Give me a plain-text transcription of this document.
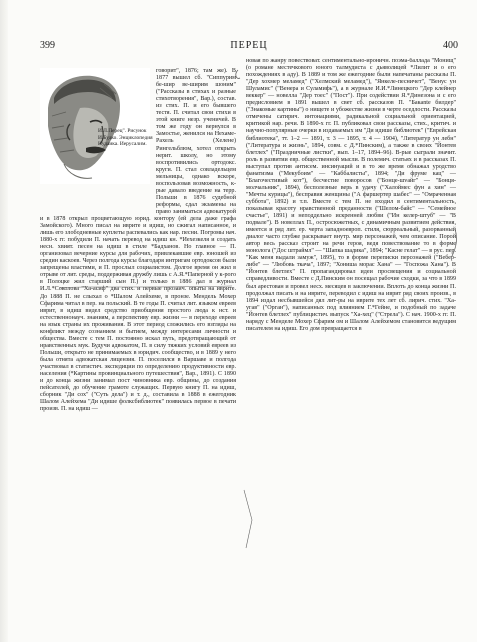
399	ПЕРЕЦ	400
И.Л.Перец". Рисунок И.Будко. Энциклопедия Иудаика. Иерусалим.

говорит", 1876; там же). В 1877 вышел сб. "Сиппурим бе-шир ве-ширим шоним" ("Рассказы в стихах и разные стихотворения", Вар.), состав. из стих. П. и его бывшего тестя. П. считал свои стихи в этой книге незр. ученичей. В том же году он вернулся в Замостье, женился на Нехаме-Рахель (Хелене) Рингельблюм, хотел открыть нерит. школу, но этому воспротивились ортодокс. круги. П. стал совладельцем мельницы, однако вскоре, воспользовав возможность, к-рые давало введение на терр. Польши в 1876 судебной реформы, сдал экзамены на право заниматься адвокатурой и в 1878 открыл процветающую юрид. контору (ей дела даже графа Замойского). Много писал на иврите и идиш, но сжигал написанное, и лишь его злободневные куплеты распевались как нар. песни. Погромы нач. 1880-х гг. побудили П. начать перевод на идиш кн. *Иехезкеля и создать несн. хвият. песен на идиш в стиле *Бадханов. Но главное — П. организовал вечерние курсы для рабочих, привлекавшие евр. юношей из средин каскоев. Через полгода курсы благодаря интригам ортодоксов были запрещены властями, и П. прослыл социалистом. Долгое время он жил в отрыве от лит. среды, поддерживая дружбу лишь с А.Я.*Паперной у к-рого в Полоцке жил старший сын П.) и только в 1886 дал в журнал И.Л.*Соколова "Ха-асиф" два стих. и первые прозаич. опыты на иврите. До 1888 П. не слыхал о *Шалом Алейхеме, в пронзе. Мендель Мохер Сфарима читал в пер. на польский. В те годы П. считал лит. языком евреев иврит, в идиш видел средство приобщения простого люда к нст. и естественнонауч. знаниям, а перспективу евр. жизни — в переходе евреев на язык страны их проживания. В этот период сложились его взгляды на конфликт между сознанием и бытием, между интересами личности и общества. Вместе с тем П. постоянно искал путь, предотвращающий от нравственных мук. Будучи адвокатом, П. в силу тяжких условий евреев из Польши, открыто не принимаемых в юридич. сообщество, и в 1889 у него была отнята адвокатская лицензия. П. поселился в Варшаве и полгода участвовал в статистич. экспедиции по определению продуктивности евр. населения (*Картины провинциального путешествия", Вар., 1891). С 1890 и до конца жизни занимал пост чиновника евр. общины, до создания пейсателей, до обучение грамоте служащих. Первую книгу П. на идиш, сборник "Ди сох" ("Суть дела") и т. д., составила в 1888 в ежегодник Шалом Алейхема "Ди идише фолксбиблиотек" появилась первое в печати произв. П. на идиш —

новая по жанру повествоват. сентиментально-ироничн. поэма-баллада "Монищ" (о романе местечкового юного талмудиста с дьяволицей *Лилит и о его похождениях в аду). В 1889 и том же ежегодние были напечатаны рассказы П. "Дер хохмер меламед" ("Хелмский меламед"), "Янкеле-песничет", "Венус ун Шуламис" ("Венера и Суламифь"), а в журнале И.И.*Линецкого "Дер клейнер веккер" — новелла "Дер тоес" ("Пост"). При содействии Я.*Динезона и с его предисловием в 1891 вышел в свет сб. рассказов П. "Бакаnte билдер" ("Знакомые картины") о нищете и убожестве жизни в черте оседлости. Рассказы отмечены сатирич. интонациями, радикальной социальной ориентацией, критикой нар. речи. В 1890-х гг. П. публиковал свои рассказы, стих., критич. и научно-популярные очерки в издаваемых им "Ди идише библиотек" ("Еврейская библиотека", тт. 1–2 — 1891, т. 3 — 1895, т. 4 — 1904), "Литератур ун лебн" ("Литература и жизнь", 1894, совм. с Д.*Пинским), а также в своих "Йонтев блетлех" ("Праздничные листки", вып. 1–17, 1894–96). В-рые сыграли значит. роль в развитии евр. общественной мысли. В полемич. статьях и в рассказах П. выступал против антисем. инсинуаций и в то же время обнажал уродство фанатизма ("Мекубоим" — "Каббалисты", 1894; "Ди фрумe кац" — "Благочестивый кот"), бесчестие поворосов ("Бонце-шvайг" — "Бонця-молчальник", 1894), бесполезные верь в удачу ("Халоймес фун а хин" — "Мечты курицы"), бесправия женщины ("А фаршертер шабес" — "Омраченная суббота", 1892) и т.п. Вместе с тем П. не входил в сентиментальность, показывая красоту нравственной преданности ("Шелом-байс" — "Семейное счастье", 1891) и неподдельно искренней любви ("Ин келер-штуб" — "В подвале"). В новеллах П., остросюжетных, с динамичным развитием действия, имеется и ряд лит. ер. черта западноевроп. стиля, сюрреальный, разорванный диалог часто глубже раскрывает внутр. мир персонажей, чем описание. Порой автор весь рассказ строит на речи героя, ведя повествование то в форме монолога ("Дос штраймл" — "Шапка шадика", 1894; "Касне гелат" — в рус. пер. "Как меня выдали замуж", 1895), то в форме переписки персонажей ("Вебер-либе" — "Любовь ткача", 1897; "Хониша морас Хана" — "Госпожа Хана"). В "Йонтев блетлех" П. пропагандировал идеи просвещения и социальной справедливости. Вместе с Д.Пинским он посещал рабочие сходки, за что в 1899 был арестован и провел несх. месяцев в заключении. Вплоть до конца жизни П. продолжал писать и на иврите, переводил с идиш на иврит ряд своих произв., в 1894 издал несбывшейся дял лит-ры на иврите тех лет сб. лирич. стих. "Ха-угав" ("Орган"), написанных под влиянием Г.*Гейне, и подобный по задаче "Йонтев блетлех" публицистич. выпуск "Ха-хец" ("Стрела"). С нач. 1900-х гг. П. наряду с Менделе Мохер Сфарим ом и Шалом Алейхемом становится ведущим писателем на идиш. Его дом превращается в
